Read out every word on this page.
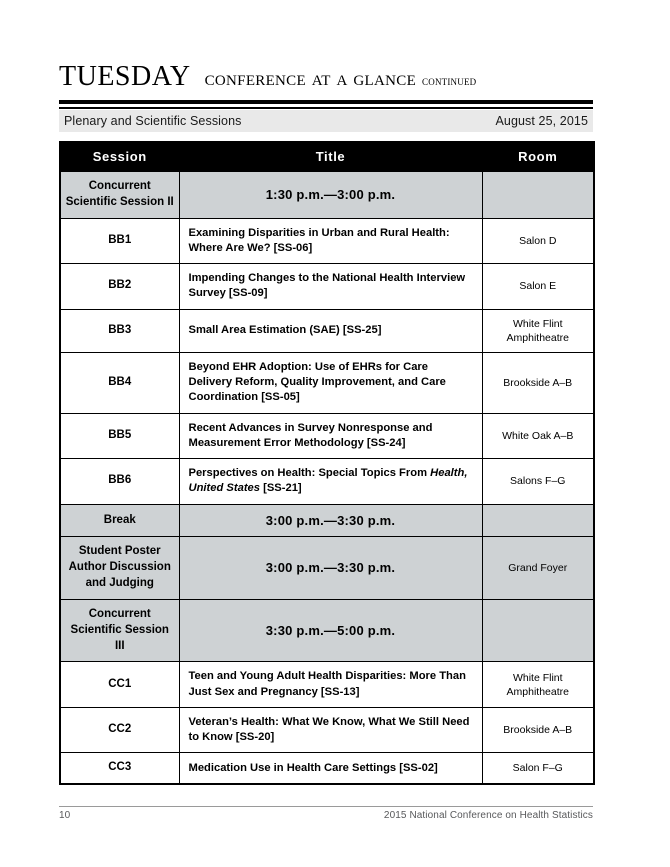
tuesday conference at a glance continued
Plenary and Scientific Sessions	August 25, 2015
Session	Title	Room
Concurrent Scientific Session II	1:30 p.m.—3:00 p.m.	
BB1	Examining Disparities in Urban and Rural Health: Where Are We? [SS-06]	Salon D
BB2	Impending Changes to the National Health Interview Survey [SS-09]	Salon E
BB3	Small Area Estimation (SAE) [SS-25]	White Flint Amphitheatre
BB4	Beyond EHR Adoption: Use of EHRs for Care Delivery Reform, Quality Improvement, and Care Coordination [SS-05]	Brookside A–B
BB5	Recent Advances in Survey Nonresponse and Measurement Error Methodology [SS-24]	White Oak A–B
BB6	Perspectives on Health: Special Topics From Health, United States [SS-21]	Salons F–G
Break	3:00 p.m.—3:30 p.m.	
Student Poster Author Discussion and Judging	3:00 p.m.—3:30 p.m.	Grand Foyer
Concurrent Scientific Session III	3:30 p.m.—5:00 p.m.	
CC1	Teen and Young Adult Health Disparities: More Than Just Sex and Pregnancy [SS-13]	White Flint Amphitheatre
CC2	Veteran’s Health: What We Know, What We Still Need to Know [SS-20]	Brookside A–B
CC3	Medication Use in Health Care Settings [SS-02]	Salon F–G
10	2015 National Conference on Health Statistics
